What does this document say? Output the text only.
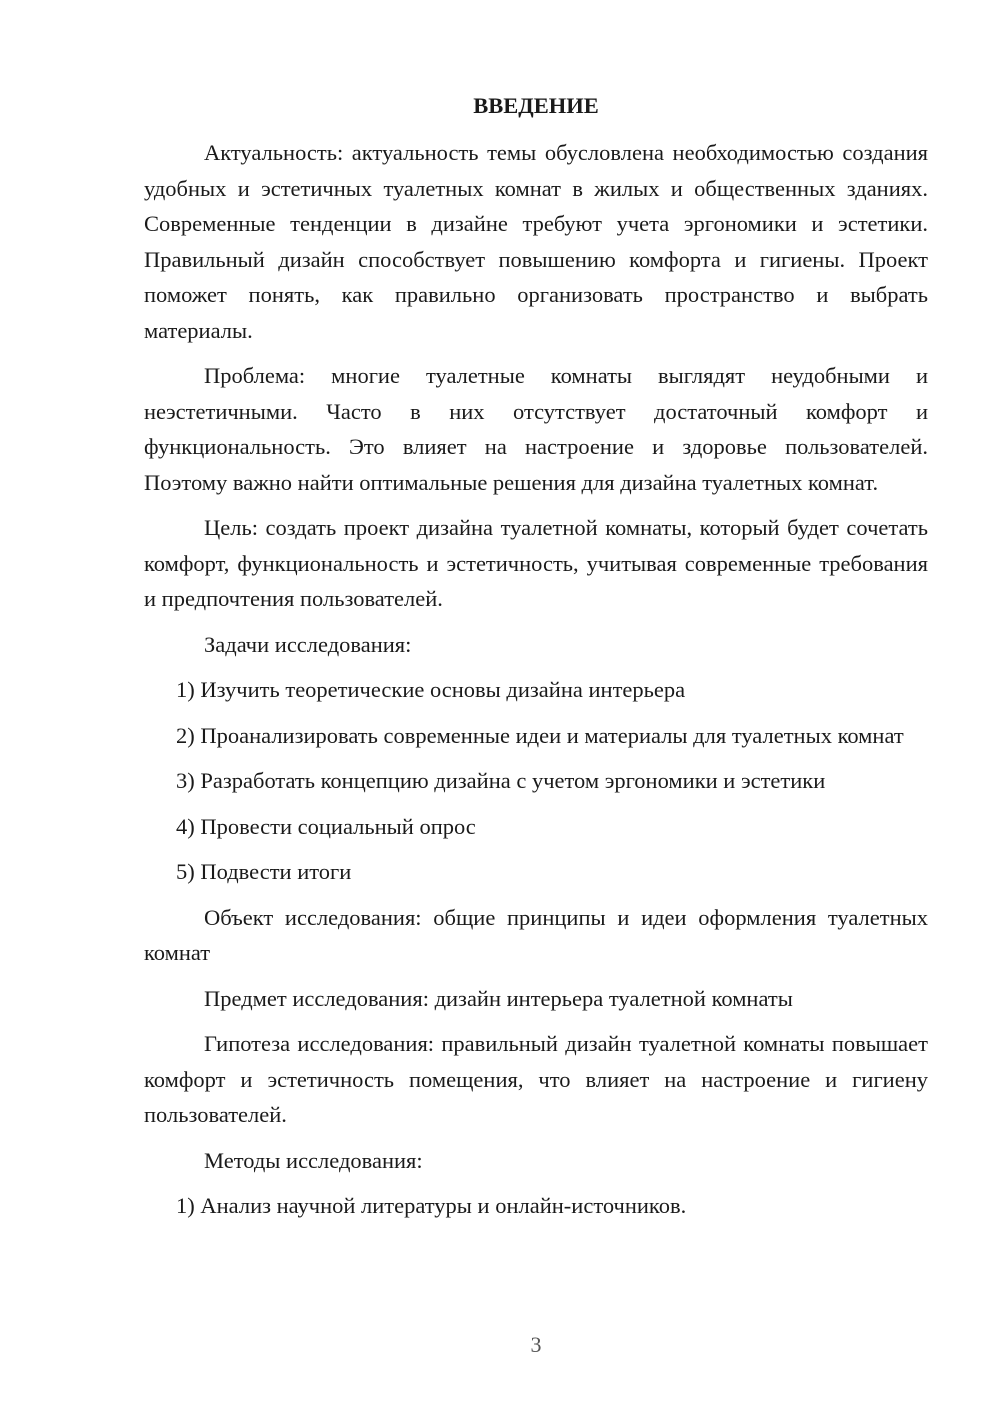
ВВЕДЕНИЕ

Актуальность: актуальность темы обусловлена необходимостью создания удобных и эстетичных туалетных комнат в жилых и общественных зданиях. Современные тенденции в дизайне требуют учета эргономики и эстетики. Правильный дизайн способствует повышению комфорта и гигиены. Проект поможет понять, как правильно организовать пространство и выбрать материалы.

Проблема: многие туалетные комнаты выглядят неудобными и неэстетичными. Часто в них отсутствует достаточный комфорт и функциональность. Это влияет на настроение и здоровье пользователей. Поэтому важно найти оптимальные решения для дизайна туалетных комнат.

Цель: создать проект дизайна туалетной комнаты, который будет сочетать комфорт, функциональность и эстетичность, учитывая современные требования и предпочтения пользователей.

Задачи исследования:

1) Изучить теоретические основы дизайна интерьера

2) Проанализировать современные идеи и материалы для туалетных комнат

3) Разработать концепцию дизайна с учетом эргономики и эстетики

4) Провести социальный опрос

5) Подвести итоги

Объект исследования: общие принципы и идеи оформления туалетных комнат

Предмет исследования: дизайн интерьера туалетной комнаты

Гипотеза исследования: правильный дизайн туалетной комнаты повышает комфорт и эстетичность помещения, что влияет на настроение и гигиену пользователей.

Методы исследования:

1) Анализ научной литературы и онлайн-источников.

3
